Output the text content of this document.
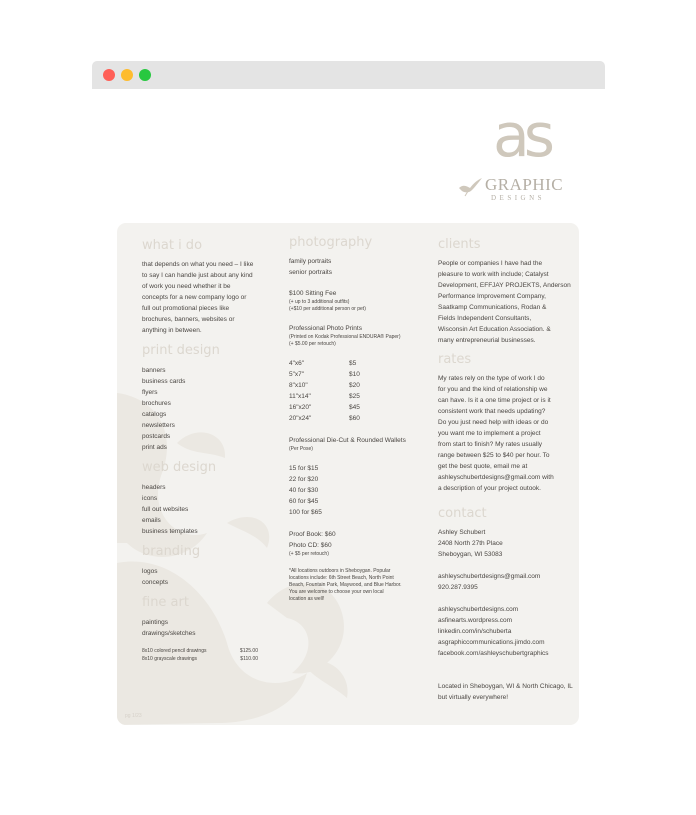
as
GRAPHIC
DESIGNS

what i do

that depends on what you need – I like
to say I can handle just about any kind
of work you need whether it be
concepts for a new company logo or
full out promotional pieces like
brochures, banners, websites or
anything in between.

print design

banners
business cards
flyers
brochures
catalogs
newsletters
postcards
print ads

web design

headers
icons
full out websites
emails
business templates

branding

logos
concepts

fine art

paintings
drawings/sketches
8x10 colored pencil drawings	$125.00
8x10 grayscale drawings	$110.00
pg 1/23

photography

family portraits
senior portraits
$100 Sitting Fee
(+ up to 3 additional outfits)
(+$10 per additional person or pet)
Professional Photo Prints
(Printed on Kodak Professional ENDURA® Paper)
(+ $5.00 per retouch)
4"x6"	$5
5"x7"	$10
8"x10"	$20
11"x14"	$25
16"x20"	$45
20"x24"	$60
Professional Die-Cut & Rounded Wallets
(Per Pose)
15 for $15
22 for $20
40 for $30
60 for $45
100 for $65
Proof Book: $60
Photo CD: $60
(+ $5 per retouch)
*All locations outdoors in Sheboygan. Popular
locations include: 6th Street Beach, North Point
Beach, Fountain Park, Maywood, and Blue Harbor.
You are welcome to choose your own local
location as well!

clients

People or companies I have had the
pleasure to work with include; Catalyst
Development, EFFJAY PROJEKTS, Anderson
Performance Improvement Company,
Saatkamp Communications, Rodan &
Fields Independent Consultants,
Wisconsin Art Education Association. &
many entrepreneurial businesses.

rates

My rates rely on the type of work I do
for you and the kind of relationship we
can have. Is it a one time project or is it
consistent work that needs updating?
Do you just need help with ideas or do
you want me to implement a project
from start to finish? My rates usually
range between $25 to $40 per hour. To
get the best quote, email me at
ashleyschubertdesigns@gmail.com with
a description of your project outook.

contact

Ashley Schubert
2408 North 27th Place
Sheboygan, WI 53083
ashleyschubertdesigns@gmail.com
920.287.9395
ashleyschubertdesigns.com
asfinearts.wordpress.com
linkedin.com/in/schuberta
asgraphiccommunications.jimdo.com
facebook.com/ashleyschubertgraphics
Located in Sheboygan, WI & North Chicago, IL
but virtually everywhere!
